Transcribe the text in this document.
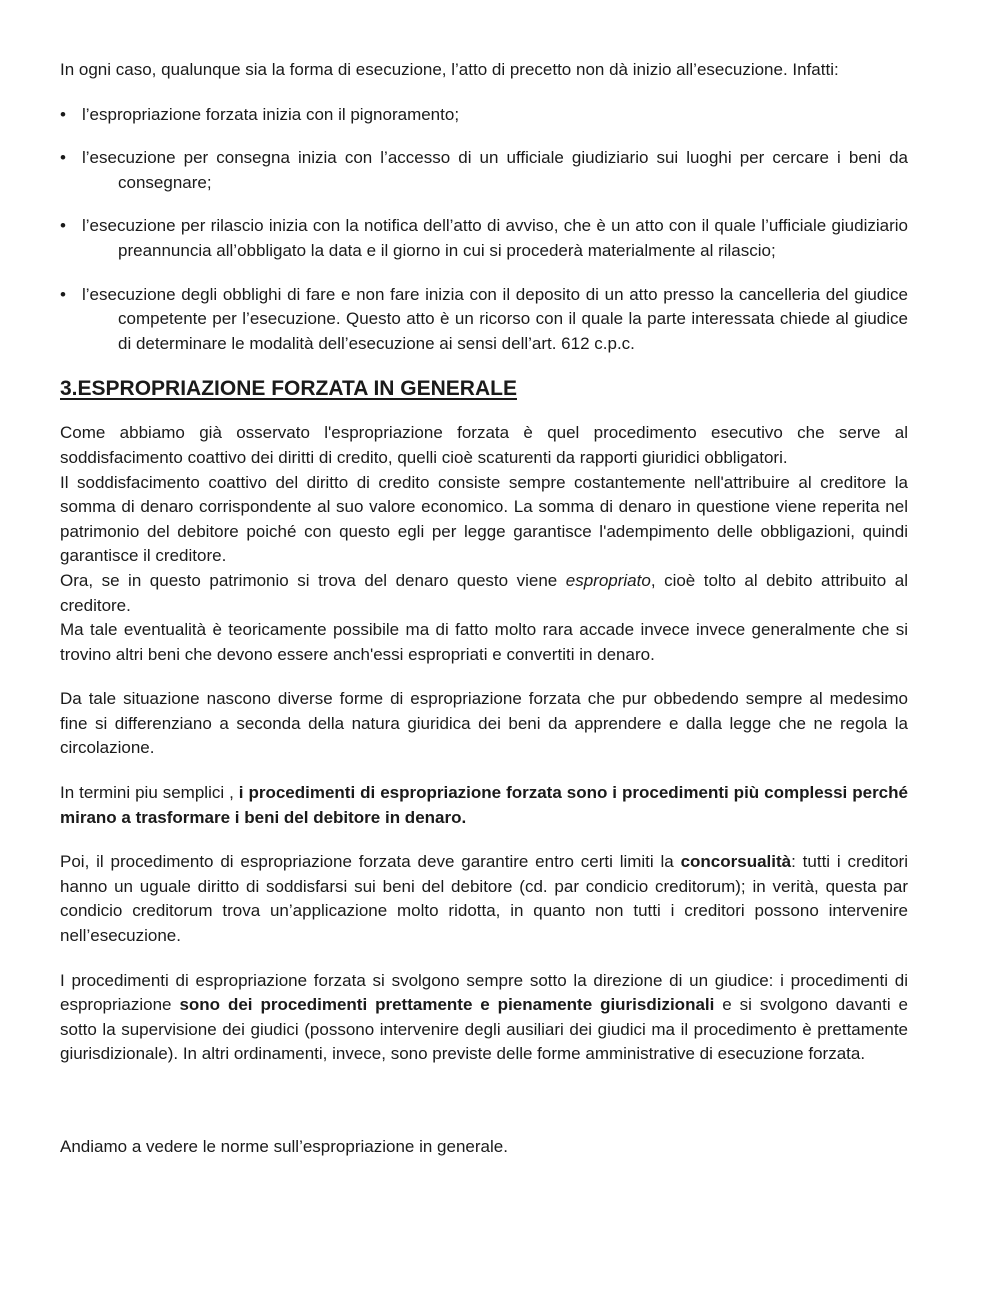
In ogni caso, qualunque sia la forma di esecuzione, l’atto di precetto non dà inizio all’esecuzione. Infatti:

• l’espropriazione forzata inizia con il pignoramento;
• l’esecuzione per consegna inizia con l’accesso di un ufficiale giudiziario sui luoghi per cercare i beni da consegnare;
• l’esecuzione per rilascio inizia con la notifica dell’atto di avviso, che è un atto con il quale l’ufficiale giudiziario preannuncia all’obbligato la data e il giorno in cui si procederà materialmente al rilascio;
• l’esecuzione degli obblighi di fare e non fare inizia con il deposito di un atto presso la cancelleria del giudice competente per l’esecuzione. Questo atto è un ricorso con il quale la parte interessata chiede al giudice di determinare le modalità dell’esecuzione ai sensi dell’art. 612 c.p.c.
3.ESPROPRIAZIONE FORZATA IN GENERALE

Come abbiamo già osservato l'espropriazione forzata è quel procedimento esecutivo che serve al soddisfacimento coattivo dei diritti di credito, quelli cioè scaturenti da rapporti giuridici obbligatori.

Il soddisfacimento coattivo del diritto di credito consiste sempre costantemente nell'attribuire al creditore la somma di denaro corrispondente al suo valore economico. La somma di denaro in questione viene reperita nel patrimonio del debitore poiché con questo egli per legge garantisce l'adempimento delle obbligazioni, quindi garantisce il creditore.

Ora, se in questo patrimonio si trova del denaro questo viene espropriato, cioè tolto al debito attribuito al creditore.

Ma tale eventualità è teoricamente possibile ma di fatto molto rara accade invece invece generalmente che si trovino altri beni che devono essere anch'essi espropriati e convertiti in denaro.

Da tale situazione nascono diverse forme di espropriazione forzata che pur obbedendo sempre al medesimo fine si differenziano a seconda della natura giuridica dei beni da apprendere e dalla legge che ne regola la circolazione.

In termini piu semplici , i procedimenti di espropriazione forzata sono i procedimenti più complessi perché mirano a trasformare i beni del debitore in denaro.

Poi, il procedimento di espropriazione forzata deve garantire entro certi limiti la concorsualità: tutti i creditori hanno un uguale diritto di soddisfarsi sui beni del debitore (cd. par condicio creditorum); in verità, questa par condicio creditorum trova un’applicazione molto ridotta, in quanto non tutti i creditori possono intervenire nell’esecuzione.

I procedimenti di espropriazione forzata si svolgono sempre sotto la direzione di un giudice: i procedimenti di espropriazione sono dei procedimenti prettamente e pienamente giurisdizionali e si svolgono davanti e sotto la supervisione dei giudici (possono intervenire degli ausiliari dei giudici ma il procedimento è prettamente giurisdizionale). In altri ordinamenti, invece, sono previste delle forme amministrative di esecuzione forzata.

Andiamo a vedere le norme sull’espropriazione in generale.
